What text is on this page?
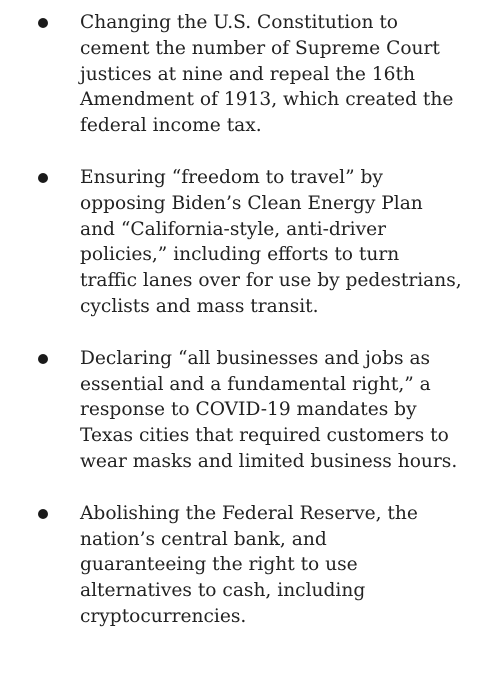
Changing the U.S. Constitution to
cement the number of Supreme Court
justices at nine and repeal the 16th
Amendment of 1913, which created the
federal income tax.
Ensuring “freedom to travel” by
opposing Biden’s Clean Energy Plan
and “California-style, anti-driver
policies,” including efforts to turn
traffic lanes over for use by pedestrians,
cyclists and mass transit.
Declaring “all businesses and jobs as
essential and a fundamental right,” a
response to COVID-19 mandates by
Texas cities that required customers to
wear masks and limited business hours.
Abolishing the Federal Reserve, the
nation’s central bank, and
guaranteeing the right to use
alternatives to cash, including
cryptocurrencies.
